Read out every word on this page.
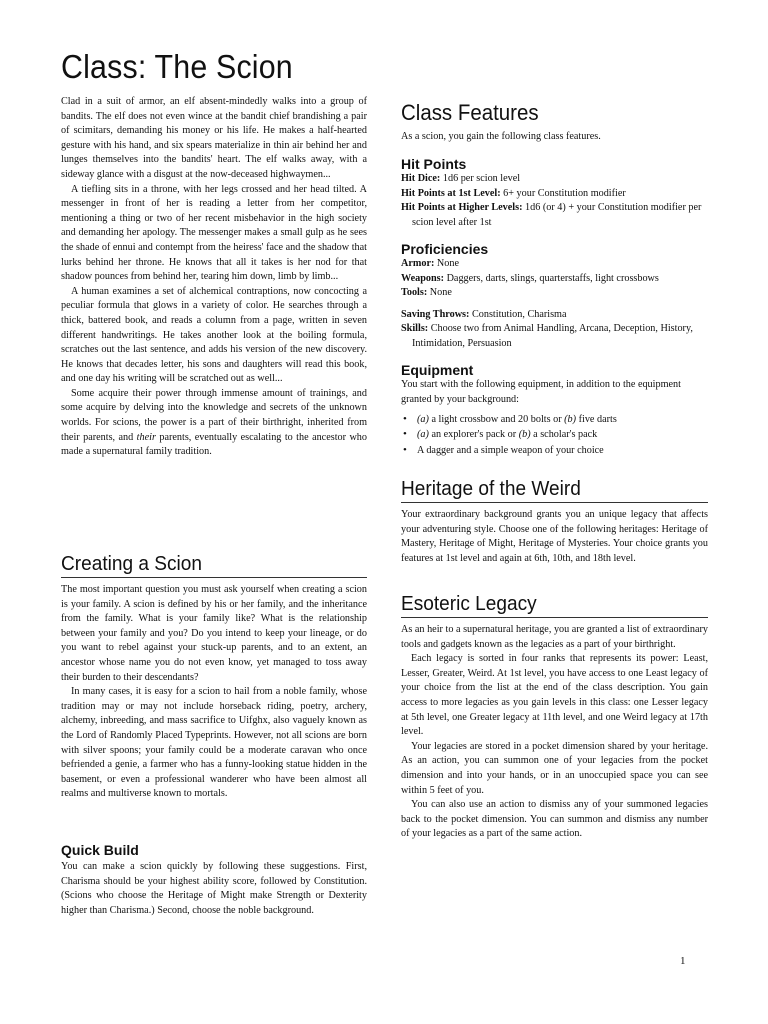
Class: The Scion

Clad in a suit of armor, an elf absent-mindedly walks into a group of bandits. The elf does not even wince at the bandit chief brandishing a pair of scimitars, demanding his money or his life. He makes a half-hearted gesture with his hand, and six spears materialize in thin air behind her and lunges themselves into the bandits' heart. The elf walks away, with a sideway glance with a disgust at the now-deceased highwaymen...

A tiefling sits in a throne, with her legs crossed and her head tilted. A messenger in front of her is reading a letter from her competitor, mentioning a thing or two of her recent misbehavior in the high society and demanding her apology. The messenger makes a small gulp as he sees the shade of ennui and contempt from the heiress' face and the shadow that lurks behind her throne. He knows that all it takes is her nod for that shadow pounces from behind her, tearing him down, limb by limb...

A human examines a set of alchemical contraptions, now concocting a peculiar formula that glows in a variety of color. He searches through a thick, battered book, and reads a column from a page, written in seven different handwritings. He takes another look at the boiling formula, scratches out the last sentence, and adds his version of the new discovery. He knows that decades letter, his sons and daughters will read this book, and one day his writing will be scratched out as well...

Some acquire their power through immense amount of trainings, and some acquire by delving into the knowledge and secrets of the unknown worlds. For scions, the power is a part of their birthright, inherited from their parents, and their parents, eventually escalating to the ancestor who made a supernatural family tradition.

Creating a Scion

The most important question you must ask yourself when creating a scion is your family. A scion is defined by his or her family, and the inheritance from the family. What is your family like? What is the relationship between your family and you? Do you intend to keep your lineage, or do you want to rebel against your stuck-up parents, and to an extent, an ancestor whose name you do not even know, yet managed to toss away their burden to their descendants?

In many cases, it is easy for a scion to hail from a noble family, whose tradition may or may not include horseback riding, poetry, archery, alchemy, inbreeding, and mass sacrifice to Uifghx, also vaguely known as the Lord of Randomly Placed Typeprints. However, not all scions are born with silver spoons; your family could be a moderate caravan who once befriended a genie, a farmer who has a funny-looking statue hidden in the basement, or even a professional wanderer who have been almost all realms and multiverse known to mortals.

Quick Build

You can make a scion quickly by following these suggestions. First, Charisma should be your highest ability score, followed by Constitution. (Scions who choose the Heritage of Might make Strength or Dexterity higher than Charisma.) Second, choose the noble background.

Class Features

As a scion, you gain the following class features.

Hit Points

Hit Dice: 1d6 per scion level

Hit Points at 1st Level: 6+ your Constitution modifier

Hit Points at Higher Levels: 1d6 (or 4) + your Constitution modifier per scion level after 1st

Proficiencies

Armor: None

Weapons: Daggers, darts, slings, quarterstaffs, light crossbows

Tools: None

Saving Throws: Constitution, Charisma

Skills: Choose two from Animal Handling, Arcana, Deception, History, Intimidation, Persuasion

Equipment

You start with the following equipment, in addition to the equipment granted by your background:

• (a) a light crossbow and 20 bolts or (b) five darts
• (a) an explorer's pack or (b) a scholar's pack
• A dagger and a simple weapon of your choice
Heritage of the Weird

Your extraordinary background grants you an unique legacy that affects your adventuring style. Choose one of the following heritages: Heritage of Mastery, Heritage of Might, Heritage of Mysteries. Your choice grants you features at 1st level and again at 6th, 10th, and 18th level.

Esoteric Legacy

As an heir to a supernatural heritage, you are granted a list of extraordinary tools and gadgets known as the legacies as a part of your birthright.

Each legacy is sorted in four ranks that represents its power: Least, Lesser, Greater, Weird. At 1st level, you have access to one Least legacy of your choice from the list at the end of the class description. You gain access to more legacies as you gain levels in this class: one Lesser legacy at 5th level, one Greater legacy at 11th level, and one Weird legacy at 17th level.

Your legacies are stored in a pocket dimension shared by your heritage. As an action, you can summon one of your legacies from the pocket dimension and into your hands, or in an unoccupied space you can see within 5 feet of you.

You can also use an action to dismiss any of your summoned legacies back to the pocket dimension. You can summon and dismiss any number of your legacies as a part of the same action.

1
